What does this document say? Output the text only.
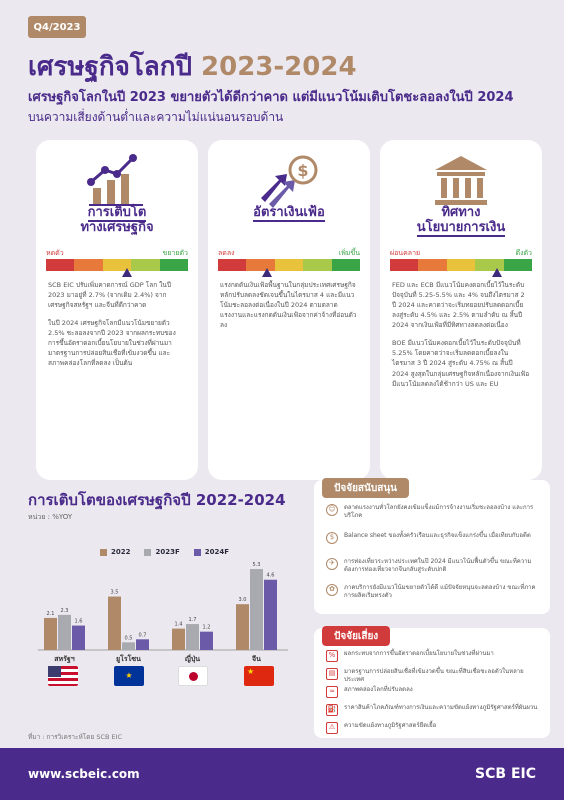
Q4/2023
เศรษฐกิจโลกปี 2023-2024
เศรษฐกิจโลกในปี 2023 ขยายตัวได้ดีกว่าคาด แต่มีแนวโน้มเติบโตชะลอลงในปี 2024
บนความเสี่ยงด้านต่ำและความไม่แน่นอนรอบด้าน
การเติบโต
ทางเศรษฐกิจ
หดตัว	ขยายตัว

SCB EIC ปรับเพิ่มคาดการณ์ GDP โลก ในปี 2023 มาอยู่ที่ 2.7% (จากเดิม 2.4%) จากเศรษฐกิจสหรัฐฯ และจีนที่ดีกว่าคาด

ในปี 2024 เศรษฐกิจโลกมีแนวโน้มขยายตัว 2.5% ชะลอลงจากปี 2023 จากผลกระทบของการขึ้นอัตราดอกเบี้ยนโยบายในช่วงที่ผ่านมา มาตรฐานการปล่อยสินเชื่อที่เข้มงวดขึ้น และสภาพคล่องโลกที่ลดลง เป็นต้น

$
อัตราเงินเฟ้อ
ลดลง	เพิ่มขึ้น

แรงกดดันเงินเฟ้อพื้นฐานในกลุ่มประเทศเศรษฐกิจหลักปรับลดลงชัดเจนขึ้นในไตรมาส 4 และมีแนวโน้มชะลอลงต่อเนื่องในปี 2024 ตามตลาดแรงงานและแรงกดดันเงินเฟ้อจากค่าจ้างที่อ่อนตัวลง

ทิศทาง
นโยบายการเงิน
ผ่อนคลาย	ตึงตัว

FED และ ECB มีแนวโน้มคงดอกเบี้ยไว้ในระดับปัจจุบันที่ 5.25-5.5% และ 4% จนถึงไตรมาส 2 ปี 2024 และคาดว่าจะเริ่มทยอยปรับลดดอกเบี้ยลงสู่ระดับ 4.5% และ 2.5% ตามลำดับ ณ สิ้นปี 2024 จากเงินเฟ้อที่มีทิศทางลดลงต่อเนื่อง

BOE มีแนวโน้มคงดอกเบี้ยไว้ในระดับปัจจุบันที่ 5.25% โดยคาดว่าจะเริ่มลดดอกเบี้ยลงในไตรมาส 3 ปี 2024 สู่ระดับ 4.75% ณ สิ้นปี 2024 สูงสุดในกลุ่มเศรษฐกิจหลักเนื่องจากเงินเฟ้อมีแนวโน้มลดลงได้ช้ากว่า US และ EU

การเติบโตของเศรษฐกิจปี 2022-2024
หน่วย : %YOY
2022	2023F	2024F
2.1
2.3
1.6
สหรัฐฯ
3.5
0.5
0.7
ยูโรโซน
1.4
1.7
1.2
ญี่ปุ่น
3.0
5.3
4.6
จีน
★	★
ที่มา : การวิเคราะห์โดย SCB EIC
ปัจจัยสนับสนุน
☺	ตลาดแรงงานทั่วโลกยังคงเข้มแข็งแม้การจ้างงานเริ่มชะลอลงบ้าง และการบริโภค
$	Balance sheet ของทั้งครัวเรือนและธุรกิจแข็งแกร่งขึ้น เมื่อเทียบกับอดีต
✈	การท่องเที่ยวระหว่างประเทศในปี 2024 มีแนวโน้มฟื้นตัวขึ้น ขณะที่ความต้องการท่องเที่ยวจากจีนกลับสู่ระดับปกติ
✿	ภาคบริการยังมีแนวโน้มขยายตัวได้ดี แม้ปัจจัยหนุนจะลดลงบ้าง ขณะที่ภาคการผลิตเริ่มทรงตัว
ปัจจัยเสี่ยง
%	ผลกระทบจากการขึ้นอัตราดอกเบี้ยนโยบายในช่วงที่ผ่านมา
▤	มาตรฐานการปล่อยสินเชื่อที่เข้มงวดขึ้น ขณะที่สินเชื่อชะลอตัวในหลายประเทศ
≈	สภาพคล่องโลกที่ปรับลดลง
⛽ ราคาสินค้าโภคภัณฑ์ทางการเงินและความขัดแย้งทางภูมิรัฐศาสตร์ที่ผันผวน
⚠	ความขัดแย้งทางภูมิรัฐศาสตร์ยืดเยื้อ
www.scbeic.com	SCB EIC
